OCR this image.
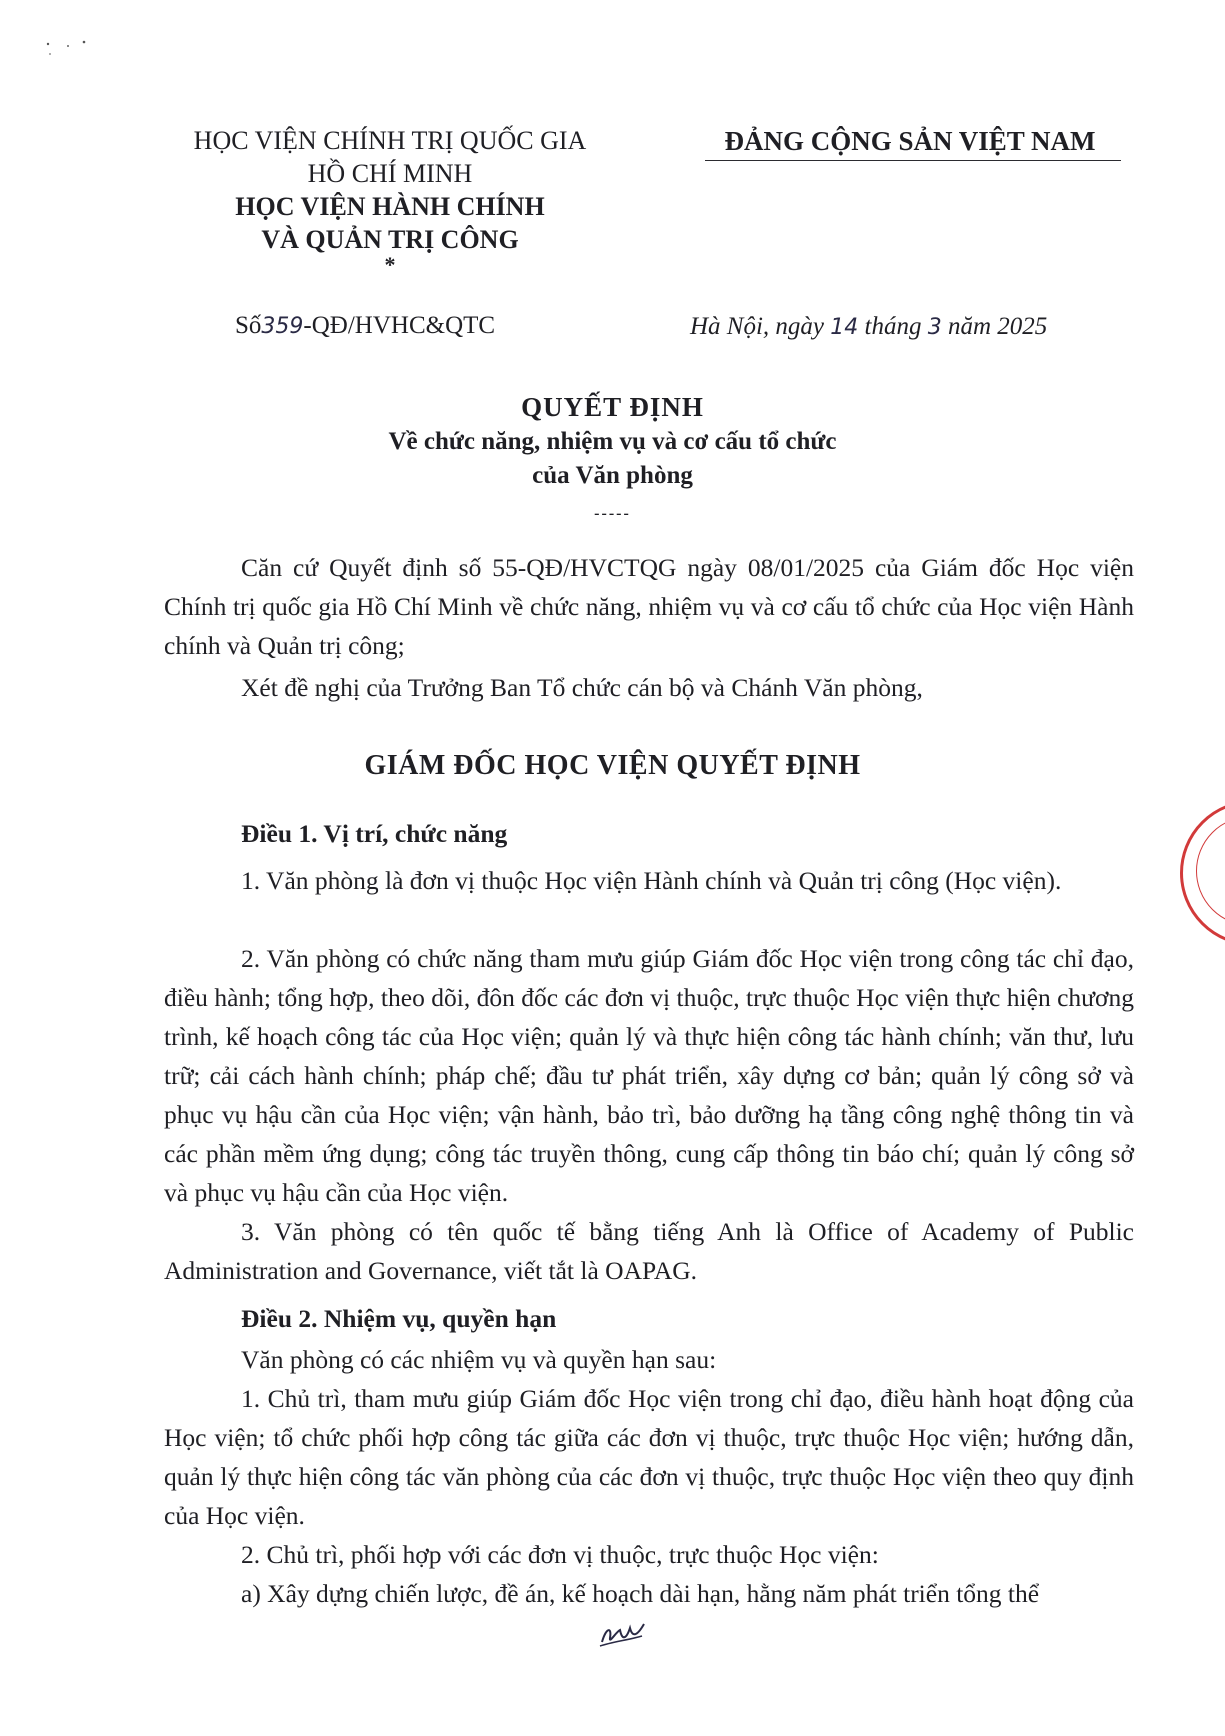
HỌC VIỆN CHÍNH TRỊ QUỐC GIA
HỒ CHÍ MINH
HỌC VIỆN HÀNH CHÍNH
VÀ QUẢN TRỊ CÔNG
*
ĐẢNG CỘNG SẢN VIỆT NAM
Số359-QĐ/HVHC&QTC	Hà Nội, ngày 14 tháng 3 năm 2025
QUYẾT ĐỊNH
Về chức năng, nhiệm vụ và cơ cấu tổ chức
của Văn phòng
-----

Căn cứ Quyết định số 55-QĐ/HVCTQG ngày 08/01/2025 của Giám đốc Học viện Chính trị quốc gia Hồ Chí Minh về chức năng, nhiệm vụ và cơ cấu tổ chức của Học viện Hành chính và Quản trị công;

Xét đề nghị của Trưởng Ban Tổ chức cán bộ và Chánh Văn phòng,

GIÁM ĐỐC HỌC VIỆN QUYẾT ĐỊNH
Điều 1. Vị trí, chức năng

1. Văn phòng là đơn vị thuộc Học viện Hành chính và Quản trị công (Học viện).

2. Văn phòng có chức năng tham mưu giúp Giám đốc Học viện trong công tác chỉ đạo, điều hành; tổng hợp, theo dõi, đôn đốc các đơn vị thuộc, trực thuộc Học viện thực hiện chương trình, kế hoạch công tác của Học viện; quản lý và thực hiện công tác hành chính; văn thư, lưu trữ; cải cách hành chính; pháp chế; đầu tư phát triển, xây dựng cơ bản; quản lý công sở và phục vụ hậu cần của Học viện; vận hành, bảo trì, bảo dưỡng hạ tầng công nghệ thông tin và các phần mềm ứng dụng; công tác truyền thông, cung cấp thông tin báo chí; quản lý công sở và phục vụ hậu cần của Học viện.

3. Văn phòng có tên quốc tế bằng tiếng Anh là Office of Academy of Public Administration and Governance, viết tắt là OAPAG.

Điều 2. Nhiệm vụ, quyền hạn

Văn phòng có các nhiệm vụ và quyền hạn sau:

1. Chủ trì, tham mưu giúp Giám đốc Học viện trong chỉ đạo, điều hành hoạt động của Học viện; tổ chức phối hợp công tác giữa các đơn vị thuộc, trực thuộc Học viện; hướng dẫn, quản lý thực hiện công tác văn phòng của các đơn vị thuộc, trực thuộc Học viện theo quy định của Học viện.

2. Chủ trì, phối hợp với các đơn vị thuộc, trực thuộc Học viện:

a) Xây dựng chiến lược, đề án, kế hoạch dài hạn, hằng năm phát triển tổng thể
